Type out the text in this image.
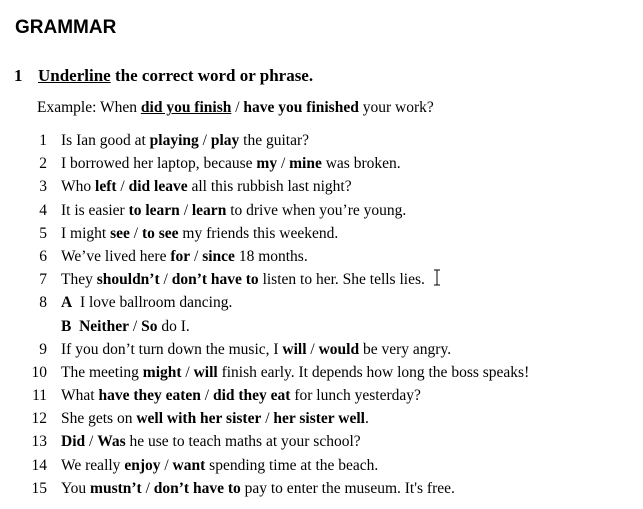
GRAMMAR
1 Underline the correct word or phrase.
Example: When did you finish / have you finished your work?
1 Is Ian good at playing / play the guitar?
2 I borrowed her laptop, because my / mine was broken.
3 Who left / did leave all this rubbish last night?
4 It is easier to learn / learn to drive when you’re young.
5 I might see / to see my friends this weekend.
6 We’ve lived here for / since 18 months.
7 They shouldn’t / don’t have to listen to her. She tells lies.
8 A  I love ballroom dancing.
B  Neither / So do I.
9 If you don’t turn down the music, I will / would be very angry.
10 The meeting might / will finish early. It depends how long the boss speaks!
11 What have they eaten / did they eat for lunch yesterday?
12 She gets on well with her sister / her sister well.
13 Did / Was he use to teach maths at your school?
14 We really enjoy / want spending time at the beach.
15 You mustn’t / don’t have to pay to enter the museum. It's free.
